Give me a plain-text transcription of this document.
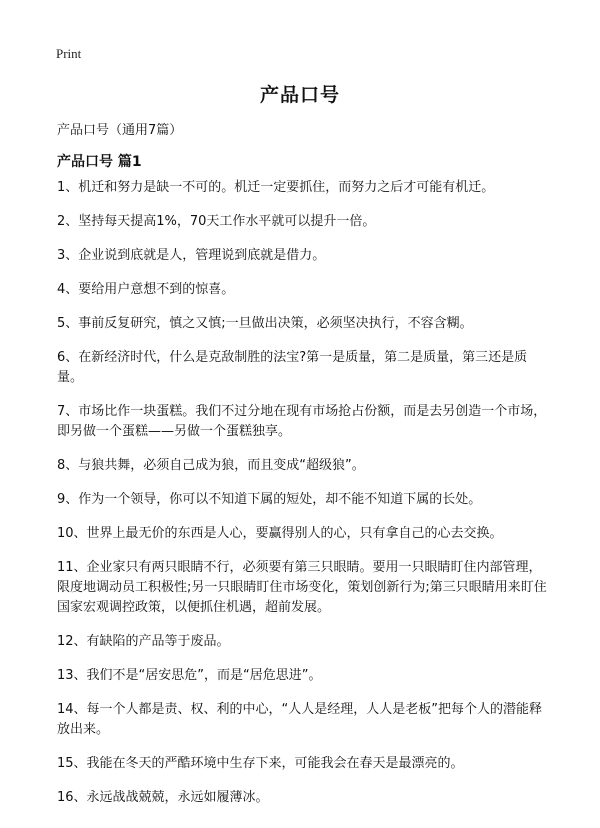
Print
产品口号
产品口号（通用7篇）
产品口号 篇1
1、机迁和努力是缺一不可的。机迁一定要抓住，而努力之后才可能有机迁。
2、坚持每天提高1%，70天工作水平就可以提升一倍。
3、企业说到底就是人，管理说到底就是借力。
4、要给用户意想不到的惊喜。
5、事前反复研究，慎之又慎;一旦做出决策，必须坚决执行，不容含糊。
6、在新经济时代，什么是克敌制胜的法宝?第一是质量，第二是质量，第三还是质量。
7、市场比作一块蛋糕。我们不过分地在现有市场抢占份额，而是去另创造一个市场，即另做一个蛋糕——另做一个蛋糕独享。
8、与狼共舞，必须自己成为狼，而且变成“超级狼”。
9、作为一个领导，你可以不知道下属的短处，却不能不知道下属的长处。
10、世界上最无价的东西是人心，要赢得别人的心，只有拿自己的心去交换。
11、企业家只有两只眼睛不行，必须要有第三只眼睛。要用一只眼睛盯住内部管理，限度地调动员工积极性;另一只眼睛盯住市场变化，策划创新行为;第三只眼睛用来盯住国家宏观调控政策，以便抓住机遇，超前发展。
12、有缺陷的产品等于废品。
13、我们不是“居安思危”，而是“居危思进”。
14、每一个人都是责、权、利的中心，“人人是经理，人人是老板”把每个人的潜能释放出来。
15、我能在冬天的严酷环境中生存下来，可能我会在春天是最漂亮的。
16、永远战战兢兢，永远如履薄冰。
